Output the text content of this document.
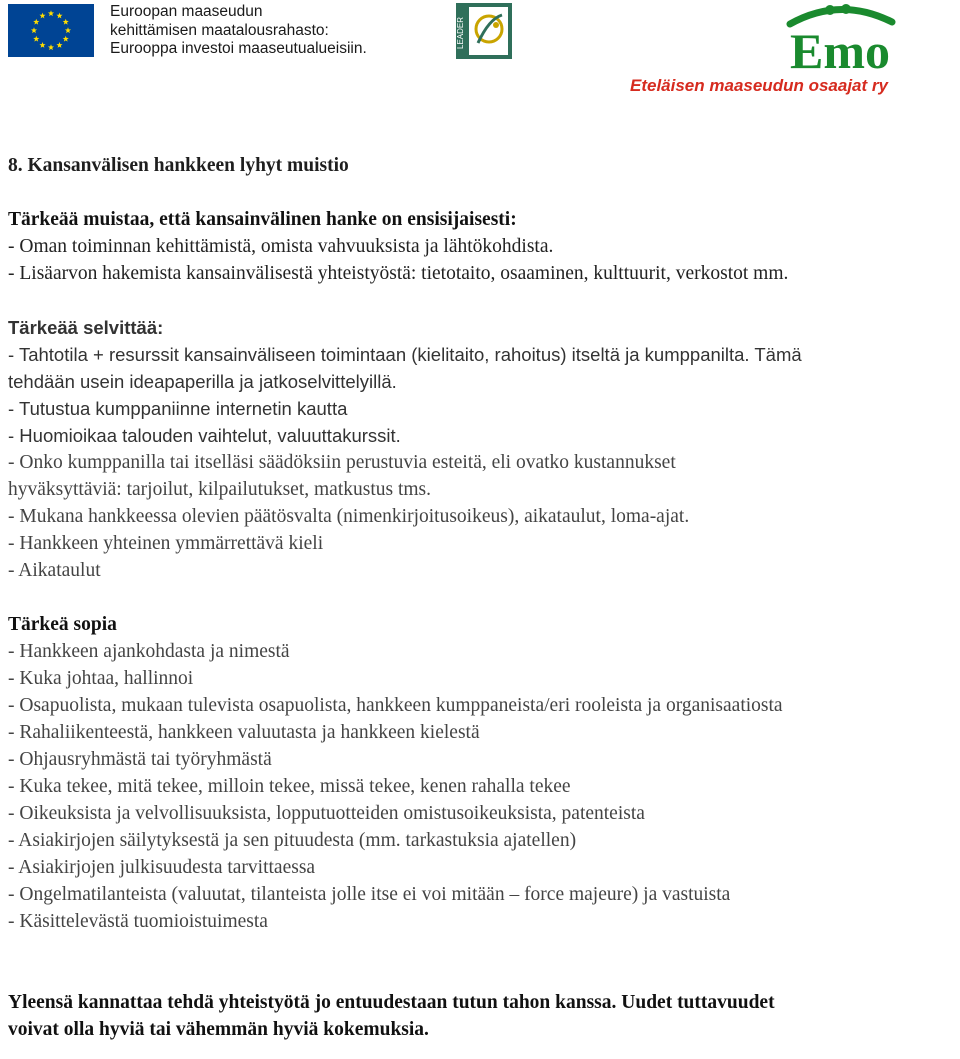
Euroopan maaseudun
kehittämisen maatalousrahasto:
Eurooppa investoi maaseutualueisiin.	LEADER	Emo
Eteläisen maaseudun osaajat ry

8. Kansanvälisen hankkeen lyhyt muistio

Tärkeää muistaa, että kansainvälinen hanke on ensisijaisesti:

- Oman toiminnan kehittämistä, omista vahvuuksista ja lähtökohdista.

- Lisäarvon hakemista kansainvälisestä yhteistyöstä: tietotaito, osaaminen, kulttuurit, verkostot mm.

Tärkeää selvittää:

- Tahtotila + resurssit kansainväliseen toimintaan (kielitaito, rahoitus) itseltä ja kumppanilta. Tämä

tehdään usein ideapaperilla ja jatkoselvittelyillä.

- Tutustua kumppaniinne internetin kautta

- Huomioikaa talouden vaihtelut, valuuttakurssit.

- Onko kumppanilla tai itselläsi säädöksiin perustuvia esteitä, eli ovatko kustannukset

hyväksyttäviä: tarjoilut, kilpailutukset, matkustus tms.

- Mukana hankkeessa olevien päätösvalta (nimenkirjoitusoikeus), aikataulut, loma-ajat.

- Hankkeen yhteinen ymmärrettävä kieli

- Aikataulut

Tärkeä sopia

- Hankkeen ajankohdasta ja nimestä

- Kuka johtaa, hallinnoi

- Osapuolista, mukaan tulevista osapuolista, hankkeen kumppaneista/eri rooleista ja organisaatiosta

- Rahaliikenteestä, hankkeen valuutasta ja hankkeen kielestä

- Ohjausryhmästä tai työryhmästä

- Kuka tekee, mitä tekee, milloin tekee, missä tekee, kenen rahalla tekee

- Oikeuksista ja velvollisuuksista, lopputuotteiden omistusoikeuksista, patenteista

- Asiakirjojen säilytyksestä ja sen pituudesta (mm. tarkastuksia ajatellen)

- Asiakirjojen julkisuudesta tarvittaessa

- Ongelmatilanteista (valuutat, tilanteista jolle itse ei voi mitään – force majeure) ja vastuista

- Käsittelevästä tuomioistuimesta

Yleensä kannattaa tehdä yhteistyötä jo entuudestaan tutun tahon kanssa. Uudet tuttavuudet

voivat olla hyviä tai vähemmän hyviä kokemuksia.
